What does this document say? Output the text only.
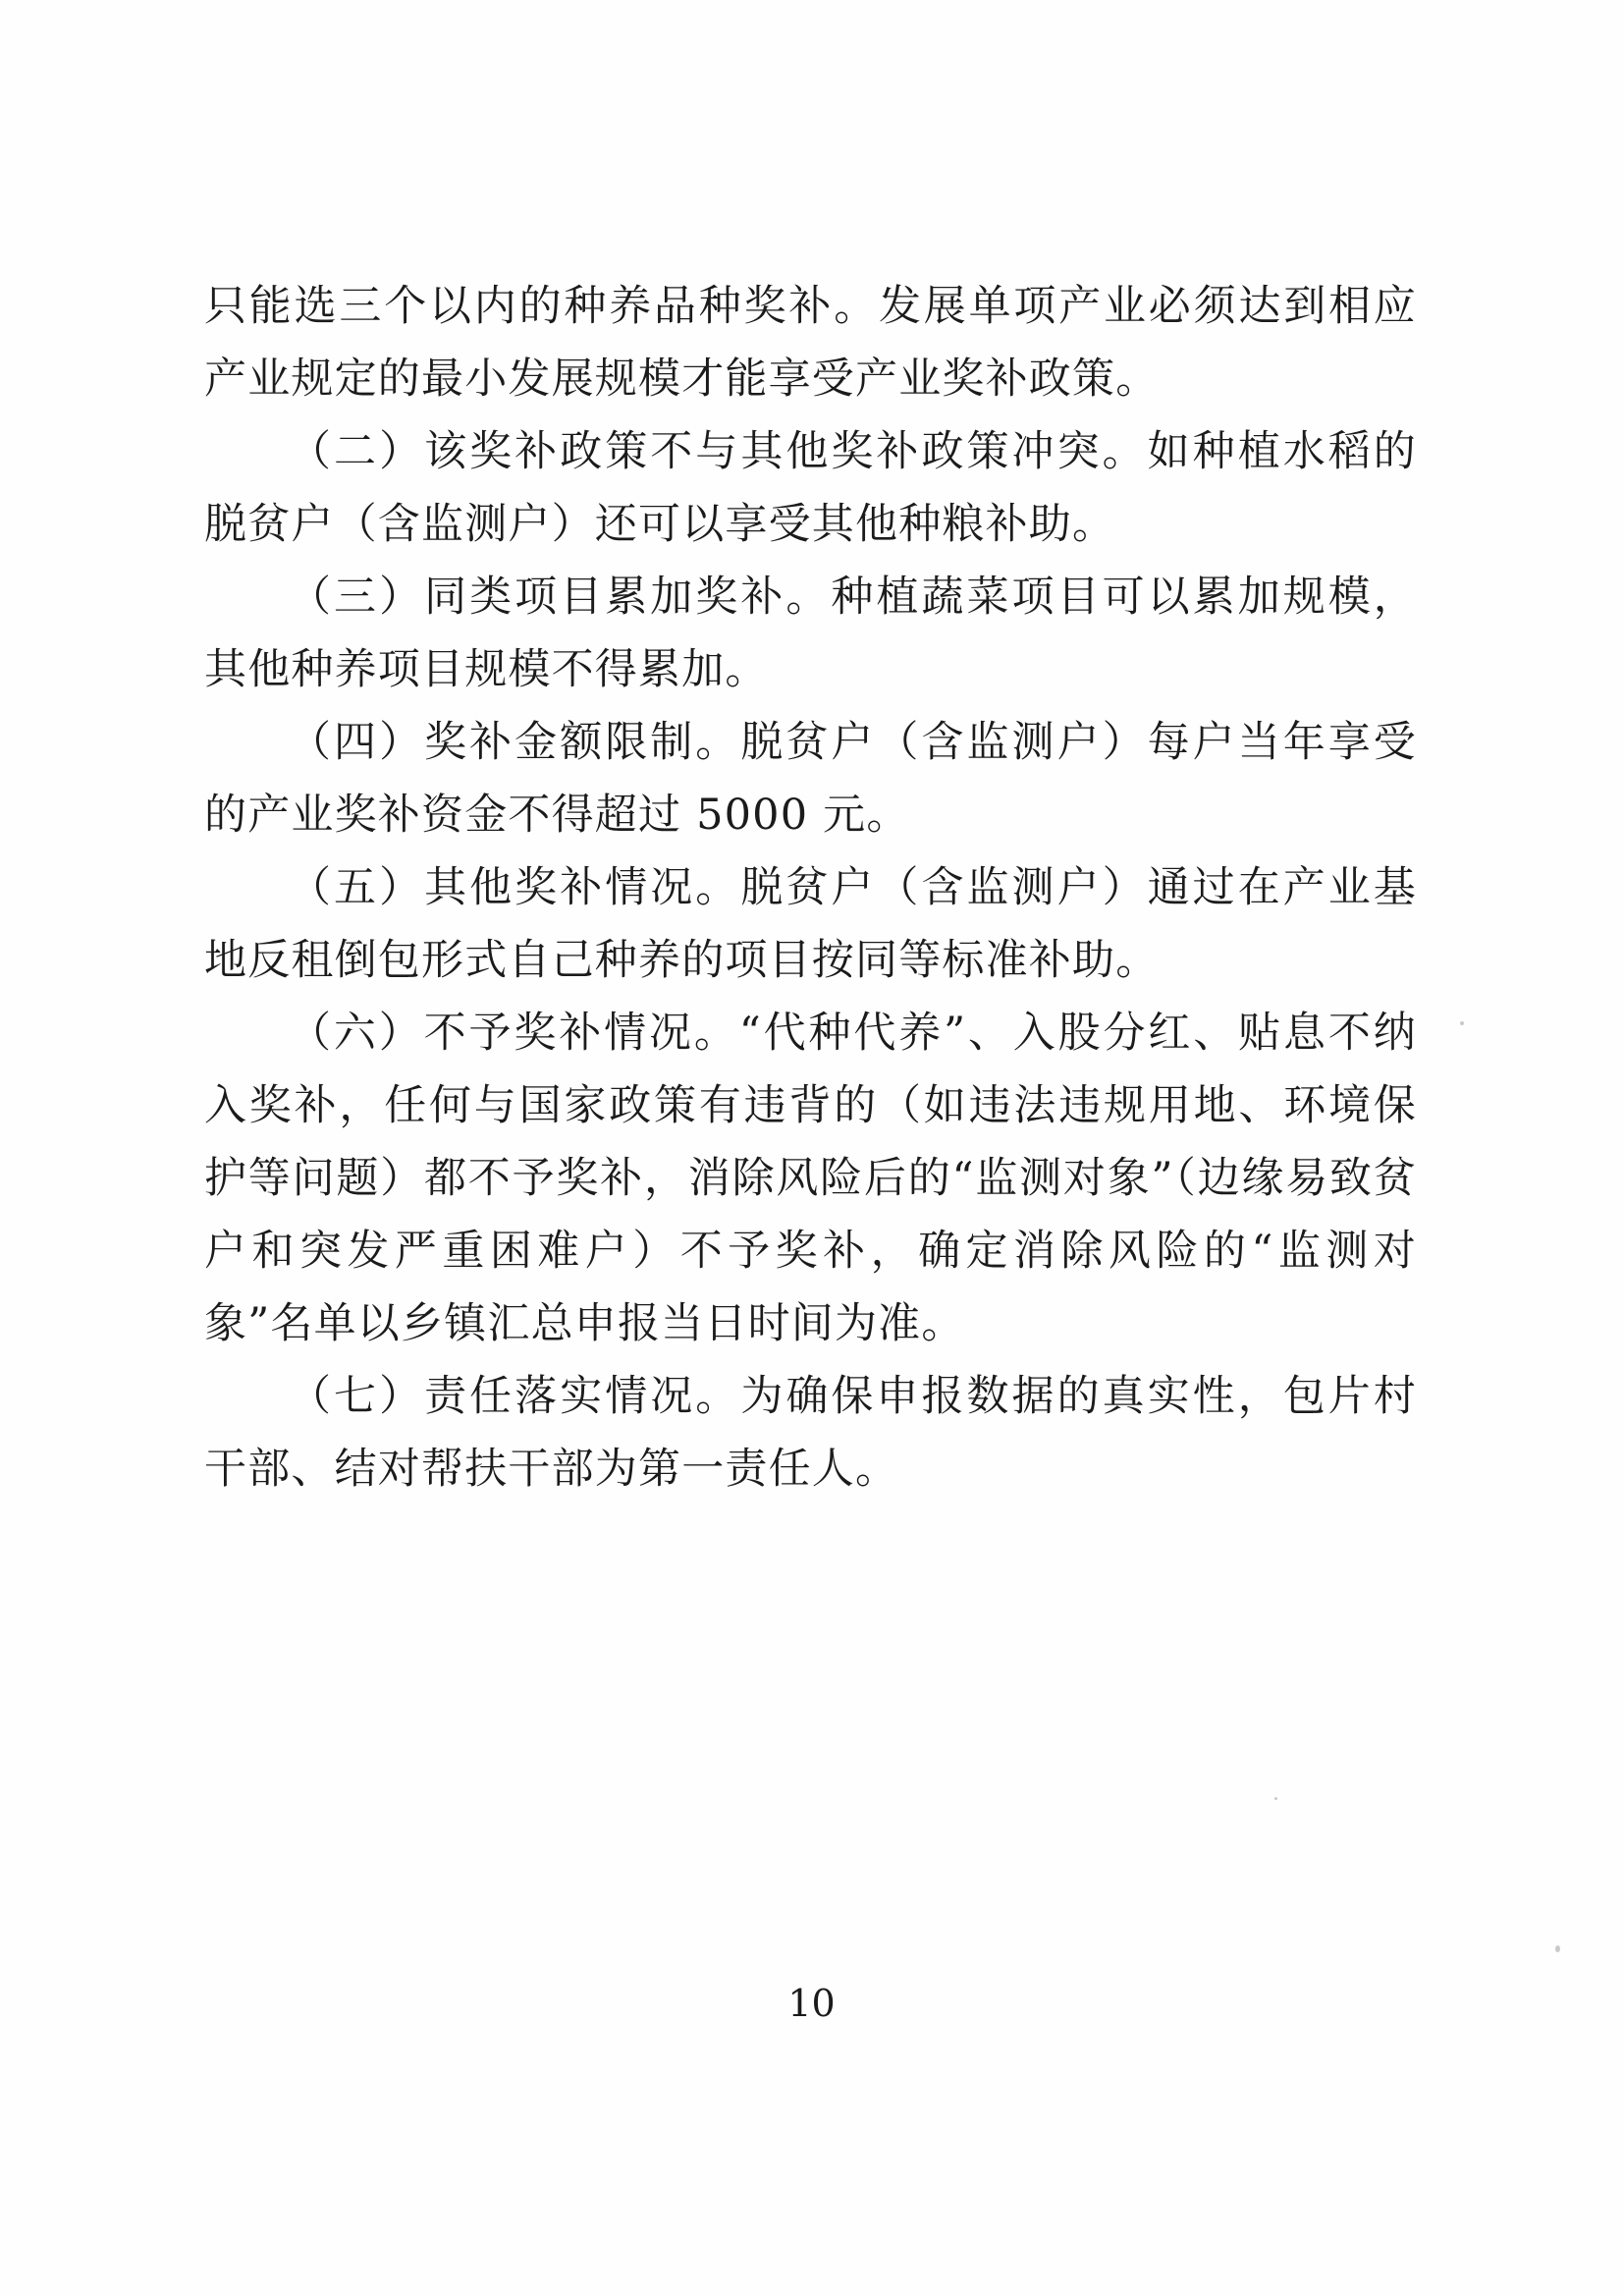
只能选三个以内的种养品种奖补。发展单项产业必须达到相应产业规定的最小发展规模才能享受产业奖补政策。

（二）该奖补政策不与其他奖补政策冲突。如种植水稻的脱贫户（含监测户）还可以享受其他种粮补助。

（三）同类项目累加奖补。种植蔬菜项目可以累加规模，其他种养项目规模不得累加。

（四）奖补金额限制。脱贫户（含监测户）每户当年享受的产业奖补资金不得超过 5000 元。

（五）其他奖补情况。脱贫户（含监测户）通过在产业基地反租倒包形式自己种养的项目按同等标准补助。

（六）不予奖补情况。“代种代养”、入股分红、贴息不纳入奖补，任何与国家政策有违背的（如违法违规用地、环境保护等问题）都不予奖补，消除风险后的“监测对象”（边缘易致贫户和突发严重困难户）不予奖补，确定消除风险的“监测对象”名单以乡镇汇总申报当日时间为准。

（七）责任落实情况。为确保申报数据的真实性，包片村干部、结对帮扶干部为第一责任人。

10
